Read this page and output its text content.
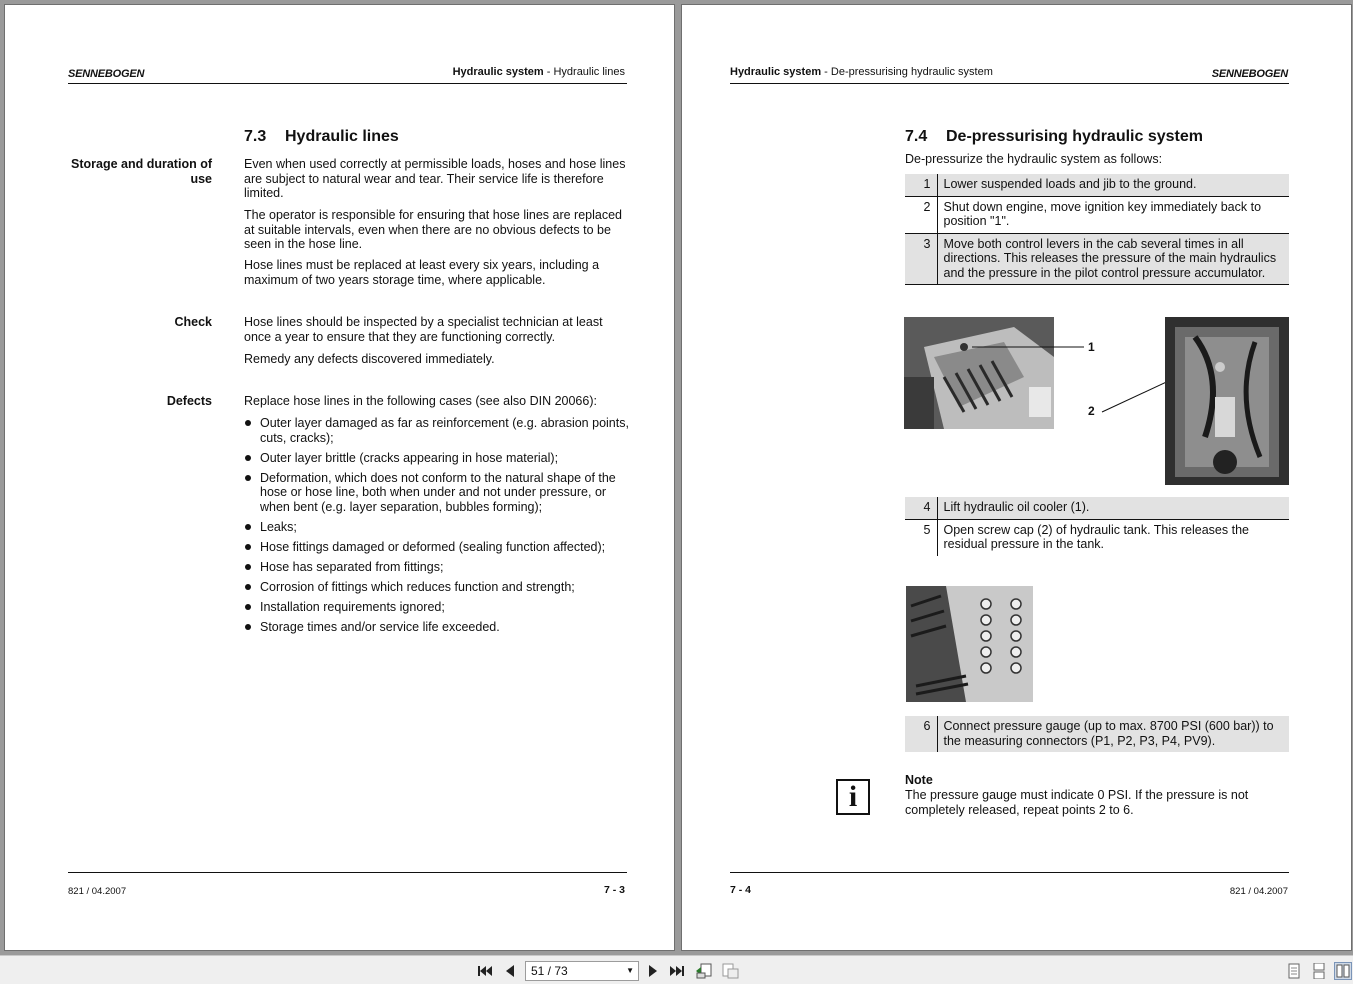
SENNEBOGEN	Hydraulic system - Hydraulic lines
7.3 Hydraulic lines
Storage and duration of use
Even when used correctly at permissible loads, hoses and hose lines are subject to natural wear and tear. Their service life is therefore limited.
The operator is responsible for ensuring that hose lines are replaced at suitable intervals, even when there are no obvious defects to be seen in the hose line.
Hose lines must be replaced at least every six years, including a maximum of two years storage time, where applicable.
Check	Hose lines should be inspected by a specialist technician at least once a year to ensure that they are functioning correctly.
Remedy any defects discovered immediately.
Defects	Replace hose lines in the following cases (see also DIN 20066):
Outer layer damaged as far as reinforcement (e.g. abrasion points, cuts, cracks);
Outer layer brittle (cracks appearing in hose material);
Deformation, which does not conform to the natural shape of the hose or hose line, both when under and not under pressure, or when bent (e.g. layer separation, bubbles forming);
Leaks;
Hose fittings damaged or deformed (sealing function affected);
Hose has separated from fittings;
Corrosion of fittings which reduces function and strength;
Installation requirements ignored;
Storage times and/or service life exceeded.
821 / 04.2007	7 - 3
Hydraulic system - De-pressurising hydraulic system	SENNEBOGEN
7.4 De-pressurising hydraulic system
De-pressurize the hydraulic system as follows:
1	Lower suspended loads and jib to the ground.
2	Shut down engine, move ignition key immediately back to position "1".
3	Move both control levers in the cab several times in all directions. This releases the pressure of the main hydraulics and the pressure in the pilot control pressure accumulator.
1
2
4	Lift hydraulic oil cooler (1).
5	Open screw cap (2) of hydraulic tank. This releases the residual pressure in the tank.
6	Connect pressure gauge (up to max. 8700 PSI (600 bar)) to the measuring connectors (P1, P2, P3, P4, PV9).
i	Note
The pressure gauge must indicate 0 PSI. If the pressure is not completely released, repeat points 2 to 6.
7 - 4	821 / 04.2007
51 / 73	▼
